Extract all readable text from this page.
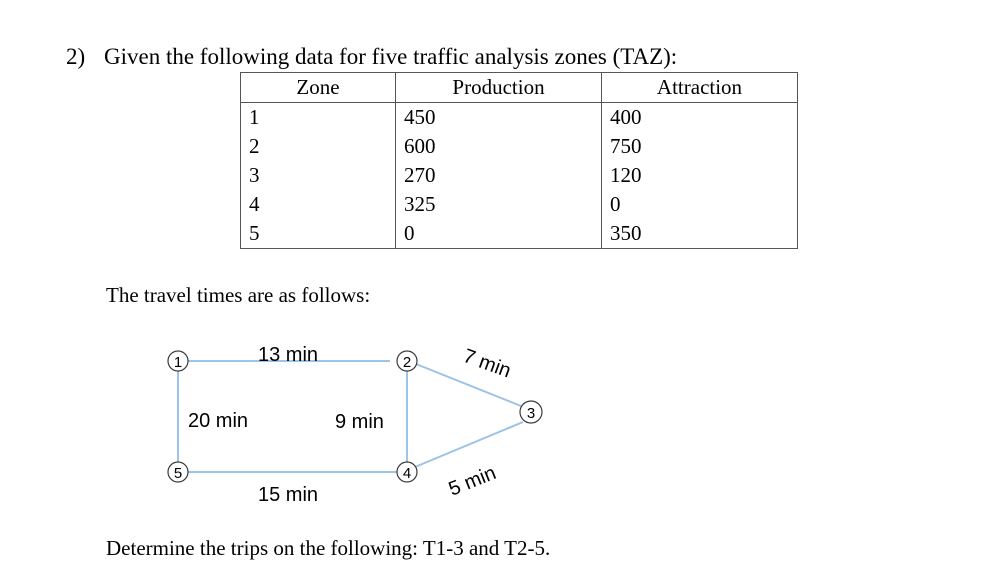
2) Given the following data for five traffic analysis zones (TAZ):
Zone	Production	Attraction
1	450	400
2	600	750
3	270	120
4	325	0
5	0	350
The travel times are as follows:
1	2
3
4
5
13 min
20 min	9 min
15 min
7 min
5 min
Determine the trips on the following: T1-3 and T2-5.
